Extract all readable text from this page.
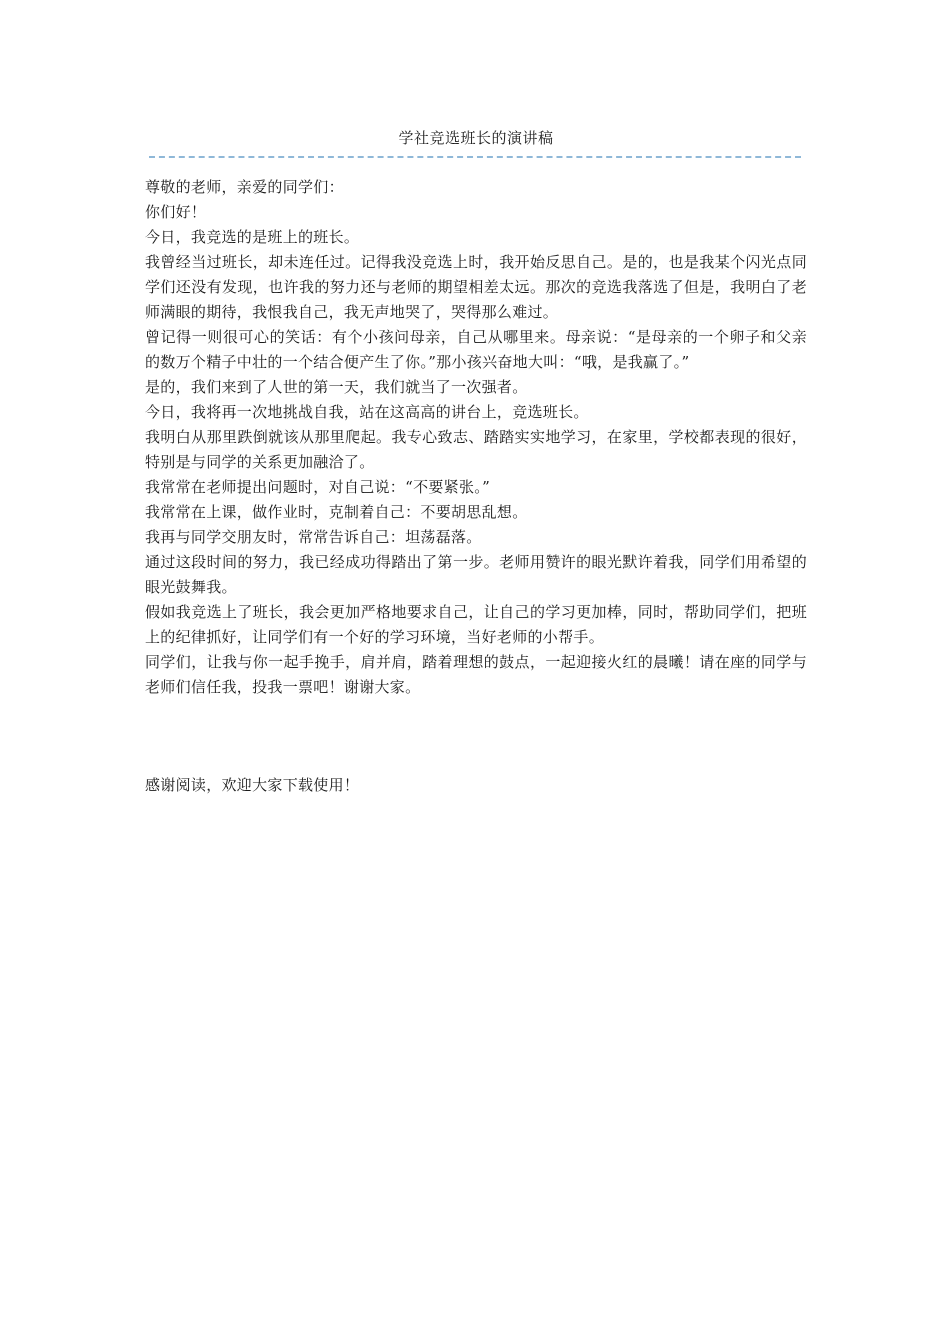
学社竞选班长的演讲稿

尊敬的老师，亲爱的同学们：

你们好！

今日，我竞选的是班上的班长。

我曾经当过班长，却未连任过。记得我没竞选上时，我开始反思自己。是的，也是我某个闪光点同学们还没有发现，也许我的努力还与老师的期望相差太远。那次的竞选我落选了但是，我明白了老师满眼的期待，我恨我自己，我无声地哭了，哭得那么难过。

曾记得一则很可心的笑话：有个小孩问母亲，自己从哪里来。母亲说：“是母亲的一个卵子和父亲的数万个精子中壮的一个结合便产生了你。”那小孩兴奋地大叫：“哦，是我赢了。”

是的，我们来到了人世的第一天，我们就当了一次强者。

今日，我将再一次地挑战自我，站在这高高的讲台上，竞选班长。

我明白从那里跌倒就该从那里爬起。我专心致志、踏踏实实地学习，在家里，学校都表现的很好，特别是与同学的关系更加融洽了。

我常常在老师提出问题时，对自己说：“不要紧张。”

我常常在上课，做作业时，克制着自己：不要胡思乱想。

我再与同学交朋友时，常常告诉自己：坦荡磊落。

通过这段时间的努力，我已经成功得踏出了第一步。老师用赞许的眼光默许着我，同学们用希望的眼光鼓舞我。

假如我竞选上了班长，我会更加严格地要求自己，让自己的学习更加棒，同时，帮助同学们，把班上的纪律抓好，让同学们有一个好的学习环境，当好老师的小帮手。

同学们，让我与你一起手挽手，肩并肩，踏着理想的鼓点，一起迎接火红的晨曦！请在座的同学与老师们信任我，投我一票吧！谢谢大家。

感谢阅读，欢迎大家下载使用！
